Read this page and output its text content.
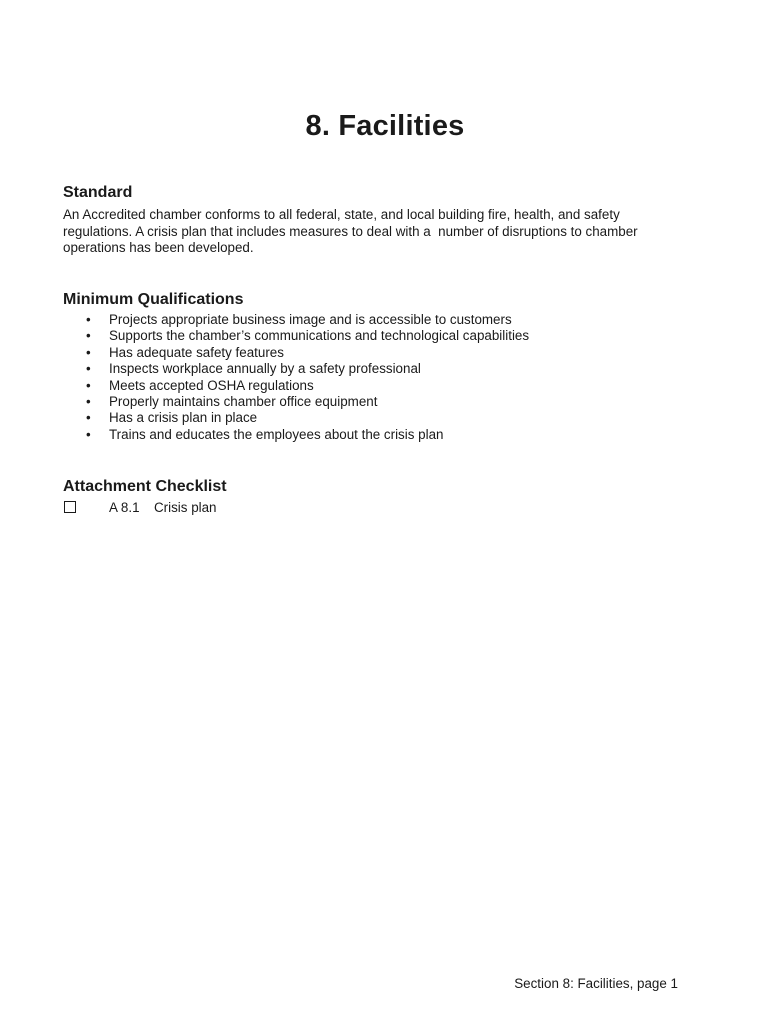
8. Facilities
Standard

An Accredited chamber conforms to all federal, state, and local building fire, health, and safety
regulations. A crisis plan that includes measures to deal with a  number of disruptions to chamber
operations has been developed.

Minimum Qualifications
• Projects appropriate business image and is accessible to customers
• Supports the chamber’s communications and technological capabilities
• Has adequate safety features
• Inspects workplace annually by a safety professional
• Meets accepted OSHA regulations
• Properly maintains chamber office equipment
• Has a crisis plan in place
• Trains and educates the employees about the crisis plan
Attachment Checklist
A 8.1 Crisis plan
Section 8: Facilities, page 1
